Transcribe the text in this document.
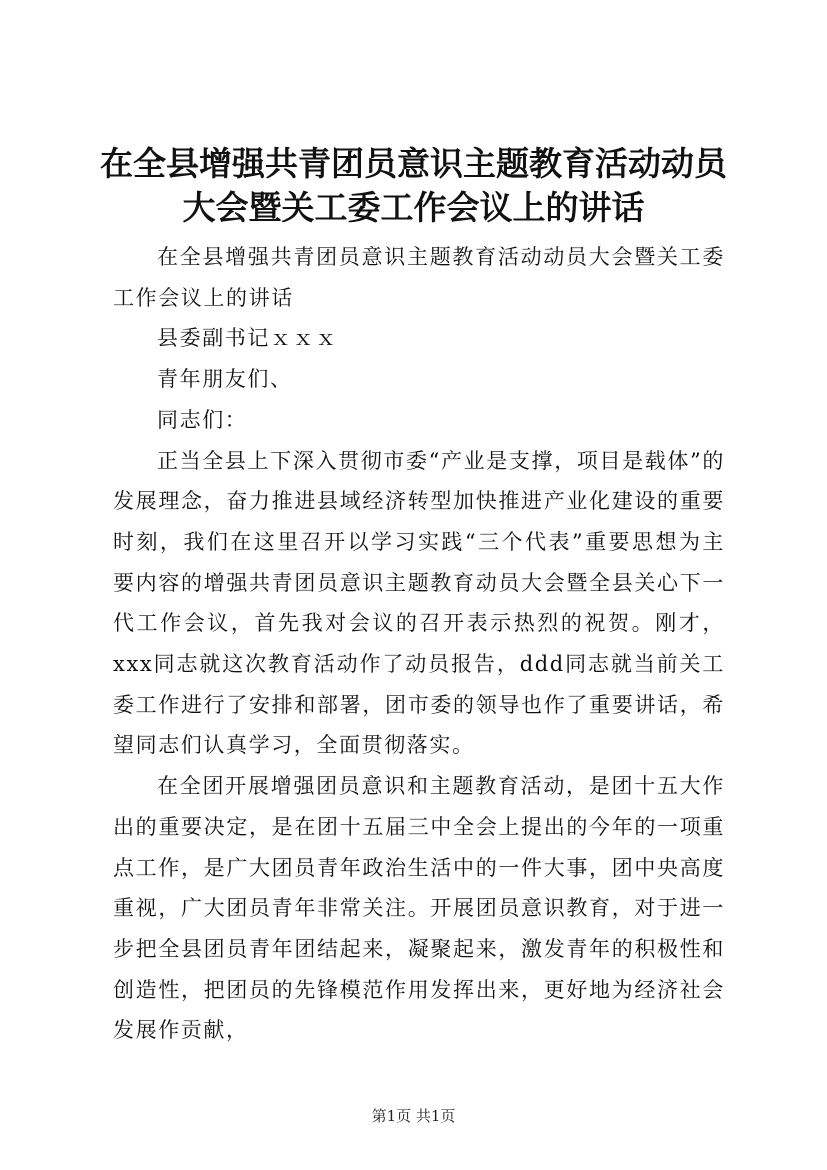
在全县增强共青团员意识主题教育活动动员大会暨关工委工作会议上的讲话

在全县增强共青团员意识主题教育活动动员大会暨关工委工作会议上的讲话

县委副书记ｘｘｘ

青年朋友们、

同志们：

正当全县上下深入贯彻市委“产业是支撑，项目是载体”的发展理念，奋力推进县域经济转型加快推进产业化建设的重要时刻，我们在这里召开以学习实践“三个代表”重要思想为主要内容的增强共青团员意识主题教育动员大会暨全县关心下一代工作会议，首先我对会议的召开表示热烈的祝贺。刚才，xxx同志就这次教育活动作了动员报告，ddd同志就当前关工委工作进行了安排和部署，团市委的领导也作了重要讲话，希望同志们认真学习，全面贯彻落实。

在全团开展增强团员意识和主题教育活动，是团十五大作出的重要决定，是在团十五届三中全会上提出的今年的一项重点工作，是广大团员青年政治生活中的一件大事，团中央高度重视，广大团员青年非常关注。开展团员意识教育，对于进一步把全县团员青年团结起来，凝聚起来，激发青年的积极性和创造性，把团员的先锋模范作用发挥出来，更好地为经济社会发展作贡献，

第1页 共1页
